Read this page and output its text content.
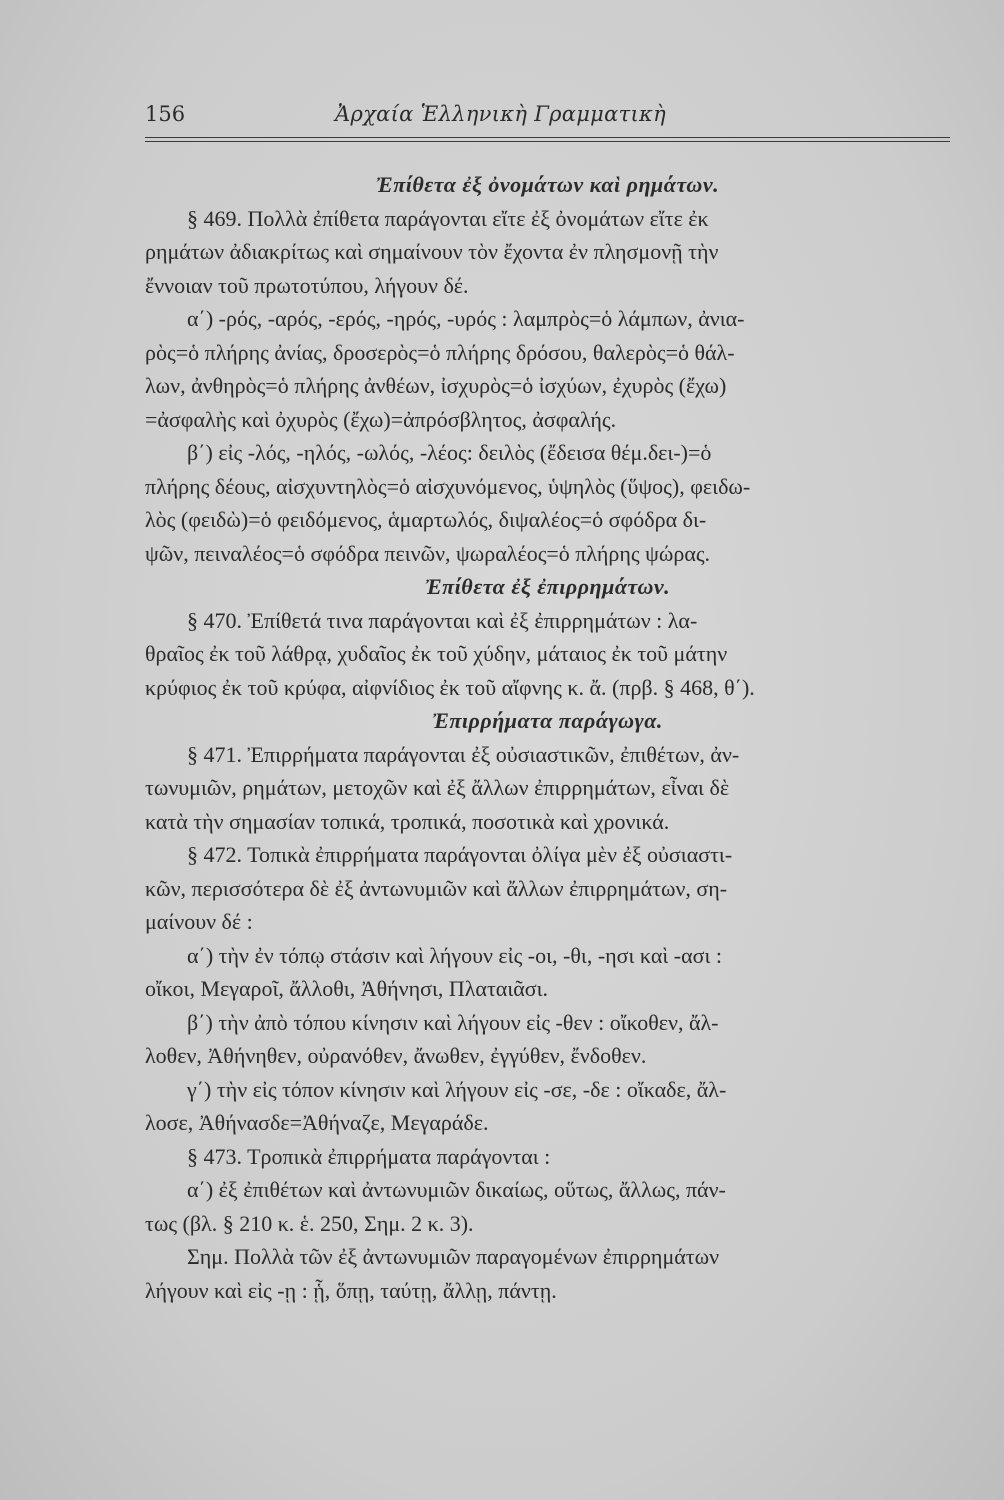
156	Ἀρχαία Ἑλληνικὴ Γραμματικὴ
Ἐπίθετα ἐξ ὀνομάτων καὶ ρημάτων.
§ 469. Πολλὰ ἐπίθετα παράγονται εἴτε ἐξ ὀνομάτων εἴτε ἐκ
ρημάτων ἀδιακρίτως καὶ σημαίνουν τὸν ἔχοντα ἐν πλησμονῇ τὴν
ἔννοιαν τοῦ πρωτοτύπου, λήγουν δέ.
α΄) -ρός, -αρός, -ερός, -ηρός, -υρός : λαμπρὸς=ὁ λάμπων, ἀνια-
ρὸς=ὁ πλήρης ἀνίας, δροσερὸς=ὁ πλήρης δρόσου, θαλερὸς=ὁ θάλ-
λων, ἀνθηρὸς=ὁ πλήρης ἀνθέων, ἰσχυρὸς=ὁ ἰσχύων, ἐχυρὸς (ἔχω)
=ἀσφαλὴς καὶ ὀχυρὸς (ἔχω)=ἀπρόσβλητος, ἀσφαλής.
β΄) εἰς -λός, -ηλός, -ωλός, -λέος: δειλὸς (ἔδεισα θέμ.δει-)=ὁ
πλήρης δέους, αἰσχυντηλὸς=ὁ αἰσχυνόμενος, ὑψηλὸς (ὕψος), φειδω-
λὸς (φειδὼ)=ὁ φειδόμενος, ἁμαρτωλός, διψαλέος=ὁ σφόδρα δι-
ψῶν, πειναλέος=ὁ σφόδρα πεινῶν, ψωραλέος=ὁ πλήρης ψώρας.
Ἐπίθετα ἐξ ἐπιρρημάτων.
§ 470. Ἐπίθετά τινα παράγονται καὶ ἐξ ἐπιρρημάτων : λα-
θραῖος ἐκ τοῦ λάθρᾳ, χυδαῖος ἐκ τοῦ χύδην, μάταιος ἐκ τοῦ μάτην
κρύφιος ἐκ τοῦ κρύφα, αἰφνίδιος ἐκ τοῦ αἴφνης κ. ἄ. (πρβ. § 468, θ΄).
Ἐπιρρήματα παράγωγα.
§ 471. Ἐπιρρήματα παράγονται ἐξ οὐσιαστικῶν, ἐπιθέτων, ἀν-
τωνυμιῶν, ρημάτων, μετοχῶν καὶ ἐξ ἄλλων ἐπιρρημάτων, εἶναι δὲ
κατὰ τὴν σημασίαν τοπικά, τροπικά, ποσοτικὰ καὶ χρονικά.
§ 472. Τοπικὰ ἐπιρρήματα παράγονται ὀλίγα μὲν ἐξ οὐσιαστι-
κῶν, περισσότερα δὲ ἐξ ἀντωνυμιῶν καὶ ἄλλων ἐπιρρημάτων, ση-
μαίνουν δέ :
α΄) τὴν ἐν τόπῳ στάσιν καὶ λήγουν εἰς -οι, -θι, -ησι καὶ -ασι :
οἴκοι, Μεγαροῖ, ἄλλοθι, Ἀθήνησι, Πλαταιᾶσι.
β΄) τὴν ἀπὸ τόπου κίνησιν καὶ λήγουν εἰς -θεν : οἴκοθεν, ἄλ-
λοθεν, Ἀθήνηθεν, οὐρανόθεν, ἄνωθεν, ἐγγύθεν, ἔνδοθεν.
γ΄) τὴν εἰς τόπον κίνησιν καὶ λήγουν εἰς -σε, -δε : οἴκαδε, ἄλ-
λοσε, Ἀθήνασδε=Ἀθήναζε, Μεγαράδε.
§ 473. Τροπικὰ ἐπιρρήματα παράγονται :
α΄) ἐξ ἐπιθέτων καὶ ἀντωνυμιῶν δικαίως, οὕτως, ἄλλως, πάν-
τως (βλ. § 210 κ. ἑ. 250, Σημ. 2 κ. 3).
Σημ. Πολλὰ τῶν ἐξ ἀντωνυμιῶν παραγομένων ἐπιρρημάτων
λήγουν καὶ εἰς -ῃ : ᾗ, ὅπῃ, ταύτῃ, ἄλλῃ, πάντῃ.
